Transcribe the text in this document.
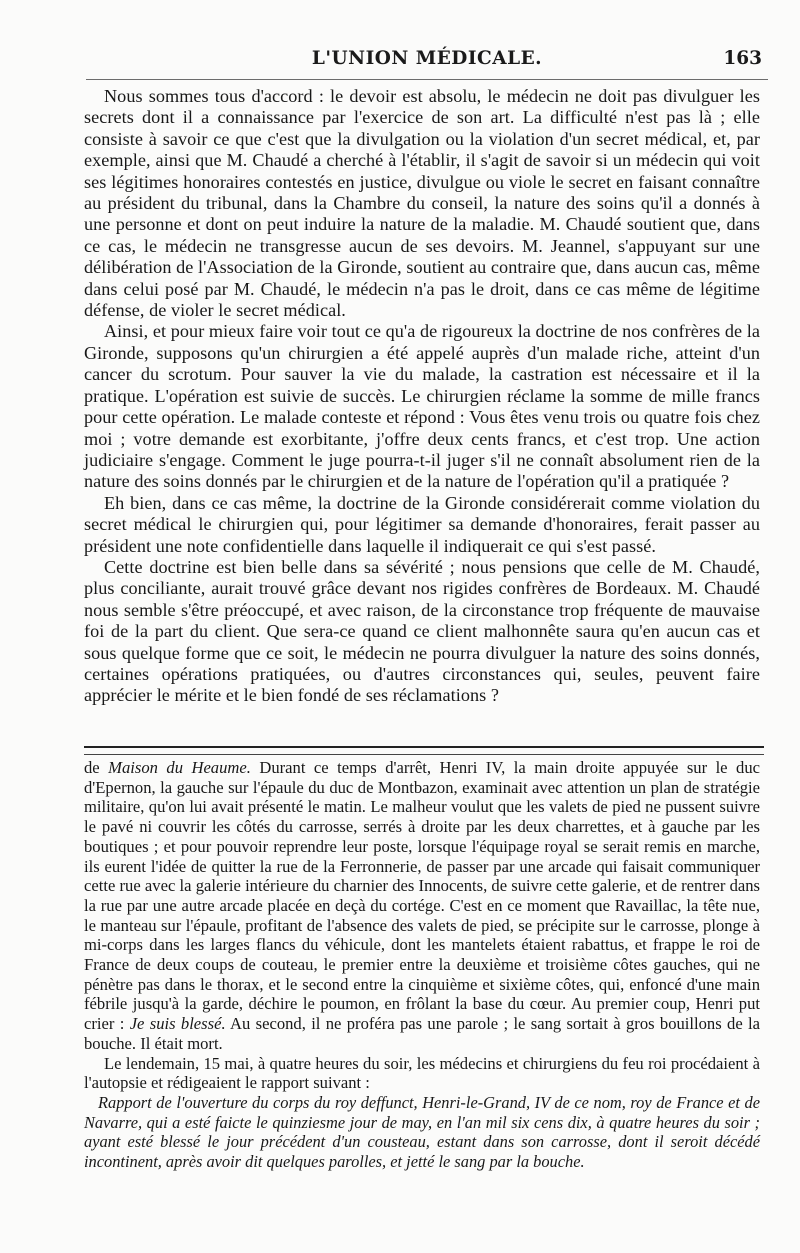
L'UNION MÉDICALE.	163

Nous sommes tous d'accord : le devoir est absolu, le médecin ne doit pas divulguer les secrets dont il a connaissance par l'exercice de son art. La difficulté n'est pas là ; elle consiste à savoir ce que c'est que la divulgation ou la violation d'un secret médical, et, par exemple, ainsi que M. Chaudé a cherché à l'établir, il s'agit de savoir si un médecin qui voit ses légitimes honoraires contestés en justice, divulgue ou viole le secret en faisant connaître au président du tribunal, dans la Chambre du conseil, la nature des soins qu'il a donnés à une personne et dont on peut induire la nature de la maladie. M. Chaudé soutient que, dans ce cas, le médecin ne transgresse aucun de ses devoirs. M. Jeannel, s'appuyant sur une délibération de l'Association de la Gironde, soutient au contraire que, dans aucun cas, même dans celui posé par M. Chaudé, le médecin n'a pas le droit, dans ce cas même de légitime défense, de violer le secret médical.

Ainsi, et pour mieux faire voir tout ce qu'a de rigoureux la doctrine de nos confrères de la Gironde, supposons qu'un chirurgien a été appelé auprès d'un malade riche, atteint d'un cancer du scrotum. Pour sauver la vie du malade, la castration est nécessaire et il la pratique. L'opération est suivie de succès. Le chirurgien réclame la somme de mille francs pour cette opération. Le malade conteste et répond : Vous êtes venu trois ou quatre fois chez moi ; votre demande est exorbitante, j'offre deux cents francs, et c'est trop. Une action judiciaire s'engage. Comment le juge pourra-t-il juger s'il ne connaît absolument rien de la nature des soins donnés par le chirurgien et de la nature de l'opération qu'il a pratiquée ?

Eh bien, dans ce cas même, la doctrine de la Gironde considérerait comme violation du secret médical le chirurgien qui, pour légitimer sa demande d'honoraires, ferait passer au président une note confidentielle dans laquelle il indiquerait ce qui s'est passé.

Cette doctrine est bien belle dans sa sévérité ; nous pensions que celle de M. Chaudé, plus conciliante, aurait trouvé grâce devant nos rigides confrères de Bordeaux. M. Chaudé nous semble s'être préoccupé, et avec raison, de la circonstance trop fréquente de mauvaise foi de la part du client. Que sera-ce quand ce client malhonnête saura qu'en aucun cas et sous quelque forme que ce soit, le médecin ne pourra divulguer la nature des soins donnés, certaines opérations pratiquées, ou d'autres circonstances qui, seules, peuvent faire apprécier le mérite et le bien fondé de ses réclamations ?

de Maison du Heaume. Durant ce temps d'arrêt, Henri IV, la main droite appuyée sur le duc d'Epernon, la gauche sur l'épaule du duc de Montbazon, examinait avec attention un plan de stratégie militaire, qu'on lui avait présenté le matin. Le malheur voulut que les valets de pied ne pussent suivre le pavé ni couvrir les côtés du carrosse, serrés à droite par les deux charrettes, et à gauche par les boutiques ; et pour pouvoir reprendre leur poste, lorsque l'équipage royal se serait remis en marche, ils eurent l'idée de quitter la rue de la Ferronnerie, de passer par une arcade qui faisait communiquer cette rue avec la galerie intérieure du charnier des Innocents, de suivre cette galerie, et de rentrer dans la rue par une autre arcade placée en deçà du cortége. C'est en ce moment que Ravaillac, la tête nue, le manteau sur l'épaule, profitant de l'absence des valets de pied, se précipite sur le carrosse, plonge à mi-corps dans les larges flancs du véhicule, dont les mantelets étaient rabattus, et frappe le roi de France de deux coups de couteau, le premier entre la deuxième et troisième côtes gauches, qui ne pénètre pas dans le thorax, et le second entre la cinquième et sixième côtes, qui, enfoncé d'une main fébrile jusqu'à la garde, déchire le poumon, en frôlant la base du cœur. Au premier coup, Henri put crier : Je suis blessé. Au second, il ne proféra pas une parole ; le sang sortait à gros bouillons de la bouche. Il était mort.

Le lendemain, 15 mai, à quatre heures du soir, les médecins et chirurgiens du feu roi procédaient à l'autopsie et rédigeaient le rapport suivant :

Rapport de l'ouverture du corps du roy deffunct, Henri-le-Grand, IV de ce nom, roy de France et de Navarre, qui a esté faicte le quinziesme jour de may, en l'an mil six cens dix, à quatre heures du soir ; ayant esté blessé le jour précédent d'un cousteau, estant dans son carrosse, dont il seroit décédé incontinent, après avoir dit quelques parolles, et jetté le sang par la bouche.
